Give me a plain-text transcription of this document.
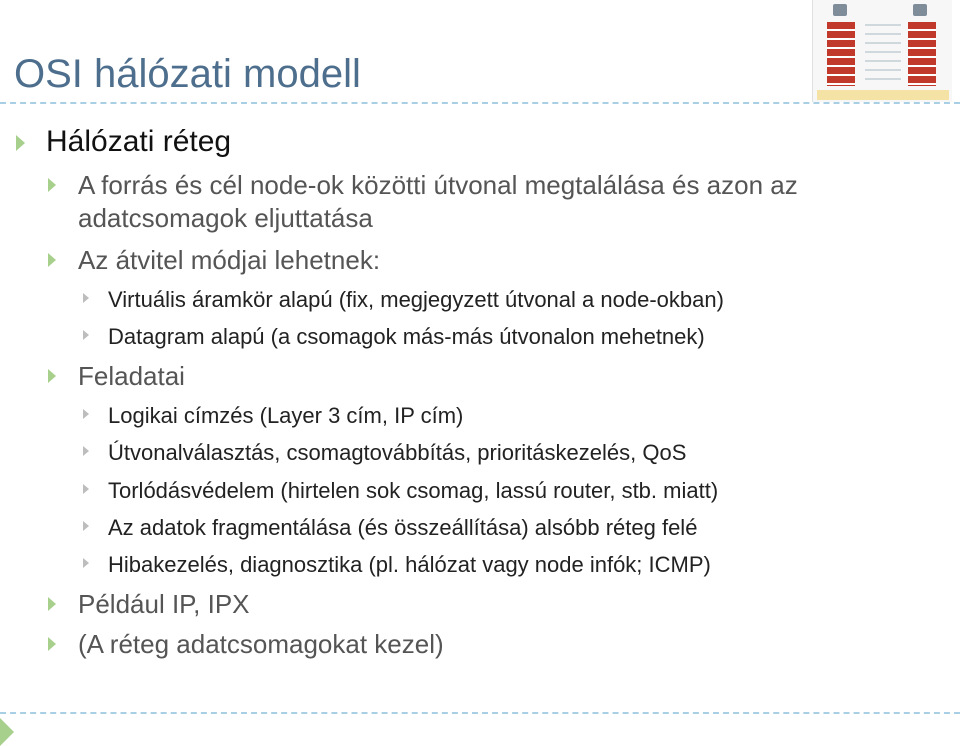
OSI hálózati modell
Hálózati réteg
A forrás és cél node-ok közötti útvonal megtalálása és azon az
adatcsomagok eljuttatása
Az átvitel módjai lehetnek:
Virtuális áramkör alapú (fix, megjegyzett útvonal a node-okban)
Datagram alapú (a csomagok más-más útvonalon mehetnek)
Feladatai
Logikai címzés (Layer 3 cím, IP cím)
Útvonalválasztás, csomagtovábbítás, prioritáskezelés, QoS
Torlódásvédelem (hirtelen sok csomag, lassú router, stb. miatt)
Az adatok fragmentálása (és összeállítása) alsóbb réteg felé
Hibakezelés, diagnosztika (pl. hálózat vagy node infók; ICMP)
Például IP, IPX
(A réteg adatcsomagokat kezel)
